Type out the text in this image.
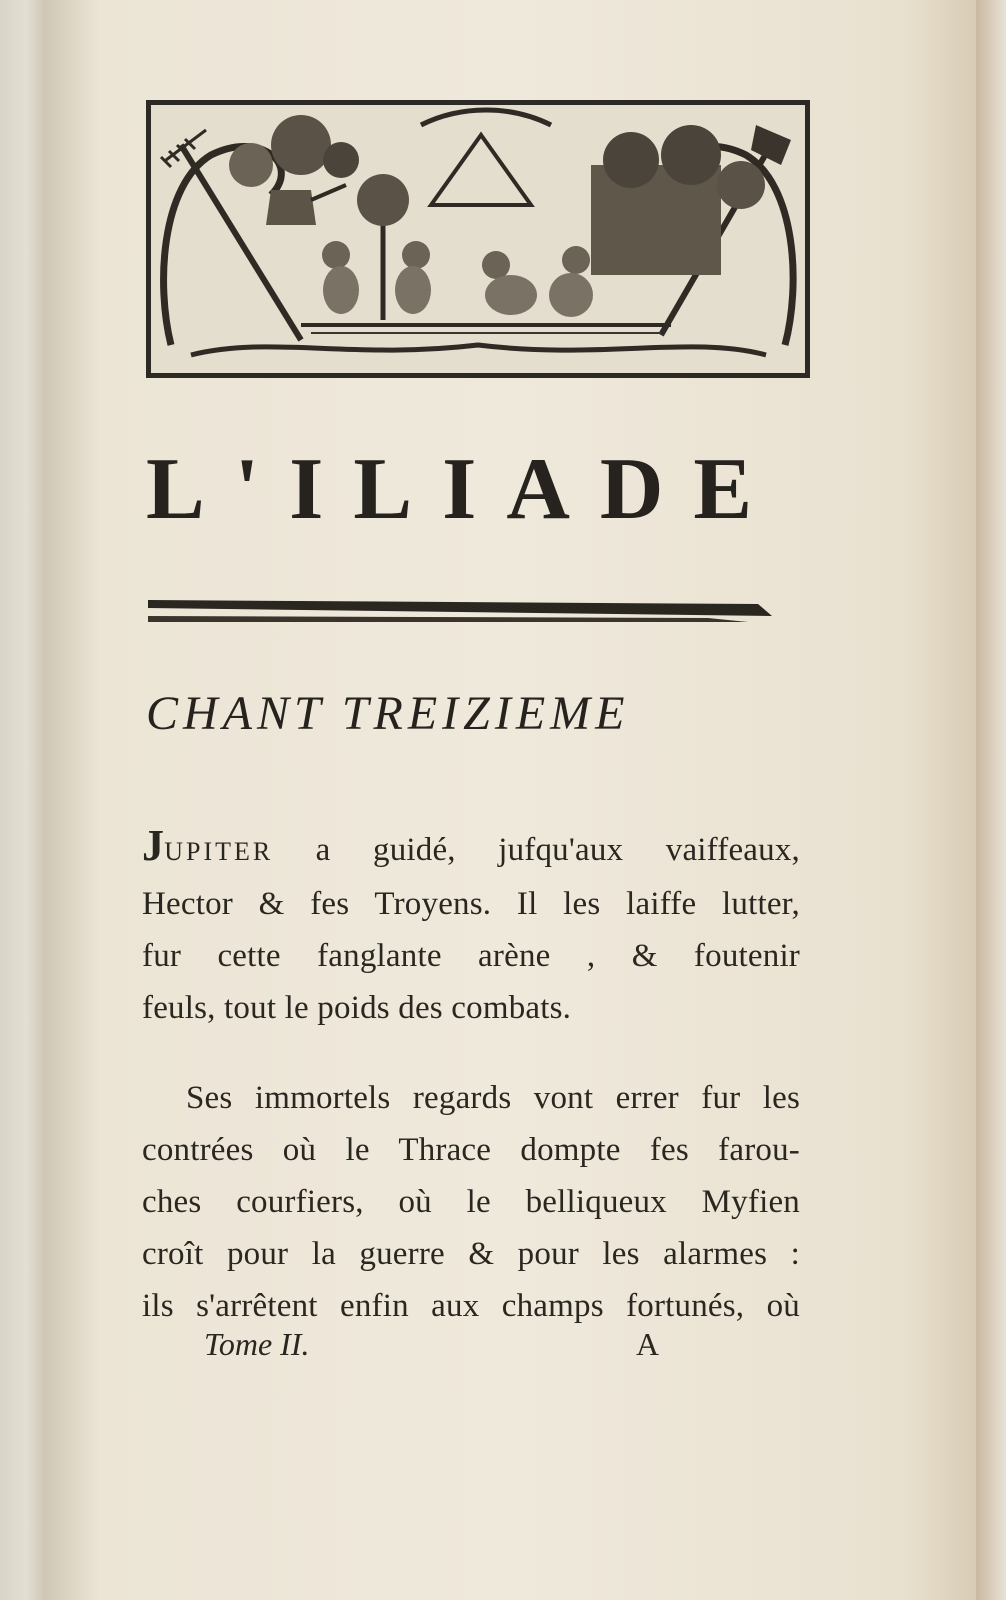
L'ILIADE
CHANT TREIZIEME

JUPITER a guidé, jufqu'aux vaiffeaux,
Hector & fes Troyens. Il les laiffe lutter,
fur cette fanglante arène , & foutenir
feuls, tout le poids des combats.

Ses immortels regards vont errer fur les
contrées où le Thrace dompte fes farou-
ches courfiers, où le belliqueux Myfien
croît pour la guerre & pour les alarmes :
ils s'arrêtent enfin aux champs fortunés, où

Tome II.	A
